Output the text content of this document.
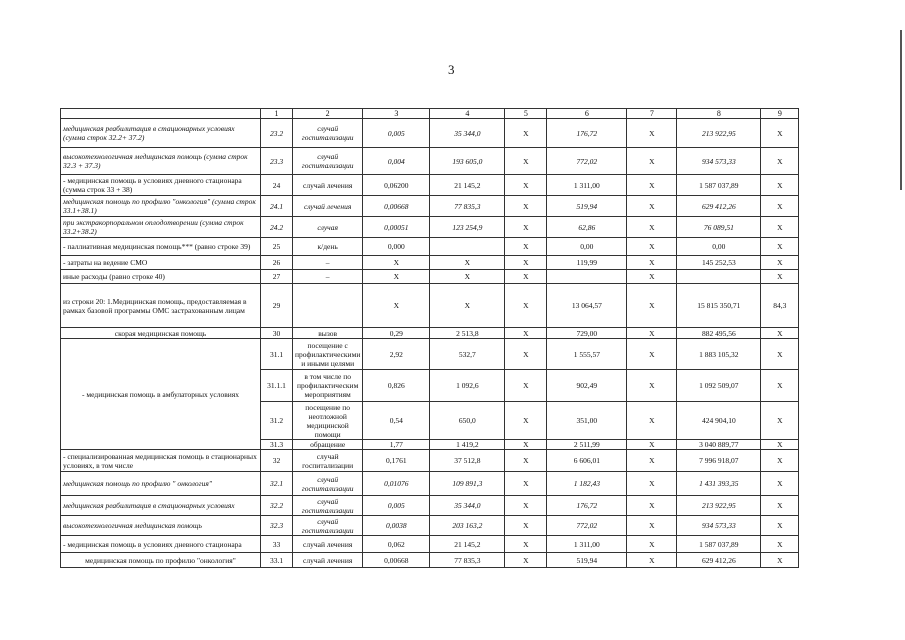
3
	1	2	3	4	5	6	7	8	9
медицинская реабилитация в стационарных условиях (сумма строк 32.2+ 37.2)	23.2	случай госпитализации	0,005	35 344,0	X	176,72	X	213 922,95	X
высокотехнологичная медицинская помощь (сумма строк 32.3 + 37.3)	23.3	случай госпитализации	0,004	193 605,0	X	772,02	X	934 573,33	X
- медицинская помощь в условиях дневного стационара (сумма строк 33 + 38)	24	случай лечения	0,06200	21 145,2	X	1 311,00	X	1 587 037,89	X
медицинская помощь по профилю "онкология" (сумма строк 33.1+38.1)	24.1	случай лечения	0,00668	77 835,3	X	519,94	X	629 412,26	X
при экстракорпоральном оплодотворении (сумма строк 33.2+38.2)	24.2	случая	0,00051	123 254,9	X	62,86	X	76 089,51	X
- паллиативная медицинская помощь*** (равно строке 39)	25	к/день	0,000		X	0,00	X	0,00	X
- затраты на ведение СМО	26	–	X	X	X	119,99	X	145 252,53	X
иные расходы (равно строке 40)	27	–	X	X	X		X		X
из строки 20: 1.Медицинская помощь, предоставляемая в рамках базовой программы ОМС застрахованным лицам	29		X	X	X	13 064,57	X	15 815 350,71	84,3
скорая медицинская помощь	30	вызов	0,29	2 513,8	X	729,00	X	882 495,56	X
- медицинская помощь в амбулаторных условиях	31.1	посещение с профилактическими и иными целями	2,92	532,7	X	1 555,57	X	1 883 105,32	X
	31.1.1	в том числе по профилактическим мероприятиям	0,826	1 092,6	X	902,49	X	1 092 509,07	X
	31.2	посещение по неотложной медицинской помощи	0,54	650,0	X	351,00	X	424 904,10	X
	31.3	обращение	1,77	1 419,2	X	2 511,99	X	3 040 889,77	X
- специализированная медицинская помощь в стационарных условиях, в том числе	32	случай госпитализации	0,1761	37 512,8	X	6 606,01	X	7 996 918,07	X
медицинская помощь по профилю " онкология"	32.1	случай госпитализации	0,01076	109 891,3	X	1 182,43	X	1 431 393,35	X
медицинская реабилитация в стационарных условиях	32.2	случай госпитализации	0,005	35 344,0	X	176,72	X	213 922,95	X
высокотехнологичная медицинская помощь	32.3	случай госпитализации	0,0038	203 163,2	X	772,02	X	934 573,33	X
- медицинская помощь в условиях дневного стационара	33	случай лечения	0,062	21 145,2	X	1 311,00	X	1 587 037,89	X
медицинская помощь по профилю "онкология"	33.1	случай лечения	0,00668	77 835,3	X	519,94	X	629 412,26	X
